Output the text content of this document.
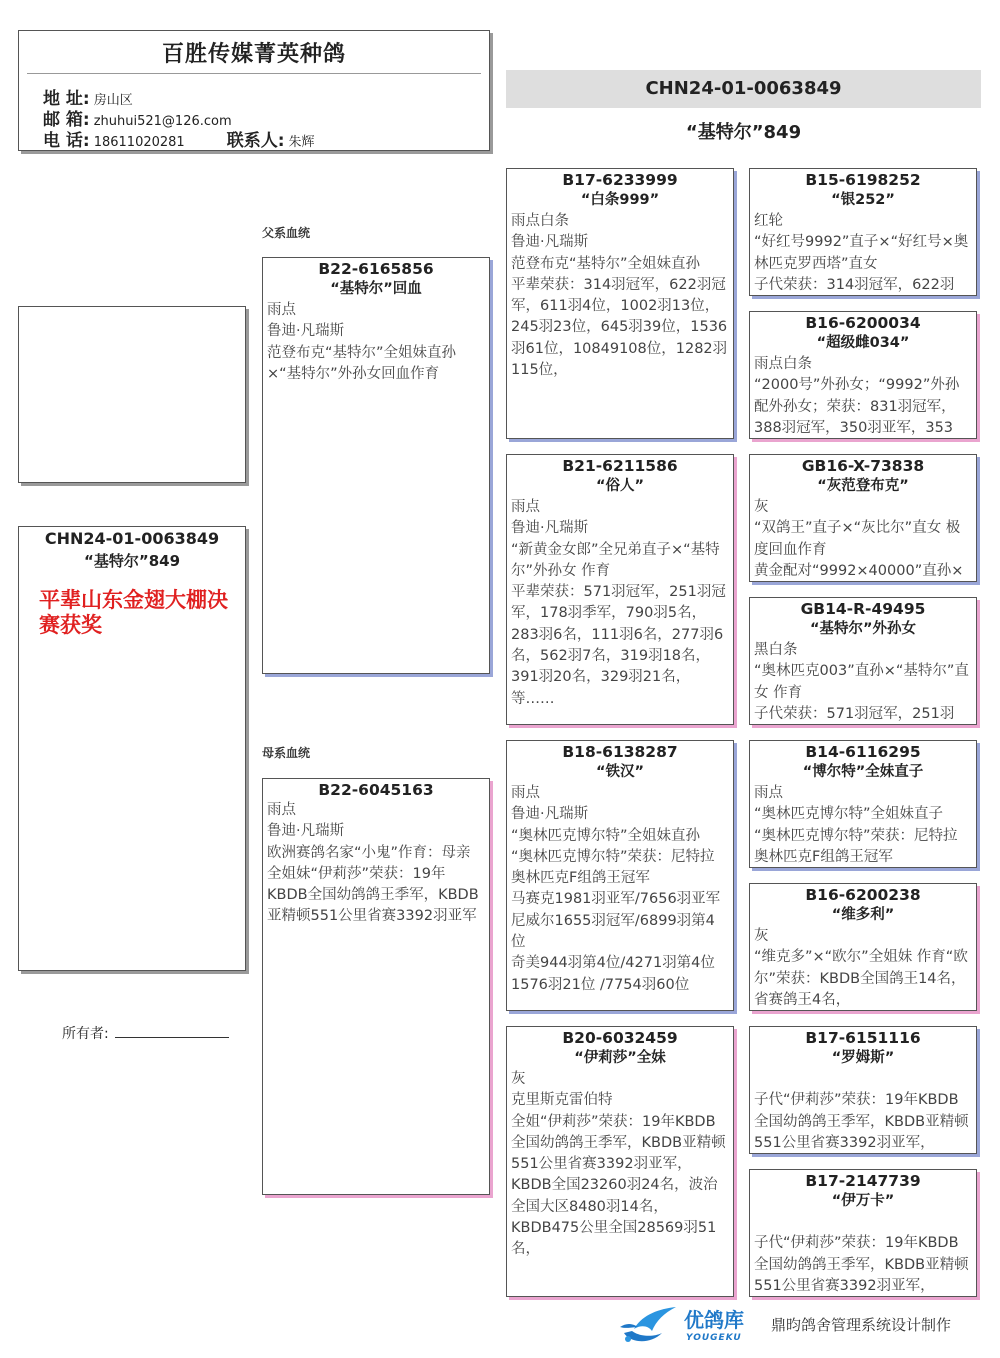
百胜传媒菁英种鸽
地 址: 房山区
邮 箱: zhuhui521@126.com
电 话: 18611020281 联系人: 朱辉
CHN24-01-0063849
“基特尔”849
CHN24-01-0063849
“基特尔”849
平辈山东金翅大棚决赛获奖
所有者:
父系血统
母系血统
B22-6165856
“基特尔”回血
雨点
鲁迪·凡瑞斯
范登布克“基特尔”全姐妹直孙×“基特尔”外孙女回血作育
B22-6045163
雨点
鲁迪·凡瑞斯
欧洲赛鸽名家“小鬼”作育：母亲全姐妹“伊莉莎”荣获：19年KBDB全国幼鸽鸽王季军，KBDB亚精顿551公里省赛3392羽亚军
B17-6233999
“白条999”
雨点白条
鲁迪·凡瑞斯
范登布克“基特尔”全姐妹直孙
平辈荣获：314羽冠军，622羽冠军，611羽4位，1002羽13位，245羽23位，645羽39位，1536羽61位，10849108位，1282羽115位，
B21-6211586
“俗人”
雨点
鲁迪·凡瑞斯
“新黄金女郎”全兄弟直子×“基特尔”外孙女 作育
平辈荣获：571羽冠军，251羽冠军，178羽季军，790羽5名，283羽6名，111羽6名，277羽6名，562羽7名，319羽18名，391羽20名，329羽21名，等……
B18-6138287
“铁汉”
雨点
鲁迪·凡瑞斯
“奥林匹克博尔特”全姐妹直孙
“奥林匹克博尔特”荣获：尼特拉奥林匹克F组鸽王冠军
马赛克1981羽亚军/7656羽亚军
尼威尔1655羽冠军/6899羽第4位
奇美944羽第4位/4271羽第4位
1576羽21位 /7754羽60位
B20-6032459
“伊莉莎”全妹
灰
克里斯克雷伯特
全姐“伊莉莎”荣获：19年KBDB全国幼鸽鸽王季军，KBDB亚精顿551公里省赛3392羽亚军，KBDB全国23260羽24名，波治全国大区8480羽14名，KBDB475公里全国28569羽51名，
B15-6198252
“银252”
红轮
“好红号9992”直子×“好红号×奥林匹克罗西塔”直女
子代荣获：314羽冠军，622羽
B16-6200034
“超级雌034”
雨点白条
“2000号”外孙女；“9992”外孙配外孙女；荣获：831羽冠军，388羽冠军，350羽亚军，353
GB16-X-73838
“灰范登布克”
灰
“双鸽王”直子×“灰比尔”直女 极度回血作育
黄金配对“9992×40000”直孙×
GB14-R-49495
“基特尔”外孙女
黑白条
“奥林匹克003”直孙×“基特尔”直女 作育
子代荣获：571羽冠军，251羽
B14-6116295
“博尔特”全妹直子
雨点
“奥林匹克博尔特”全姐妹直子
“奥林匹克博尔特”荣获：尼特拉奥林匹克F组鸽王冠军
B16-6200238
“维多利”
灰
“维克多”×“欧尔”全姐妹 作育“欧尔”荣获：KBDB全国鸽王14名，省赛鸽王4名，
B17-6151116
“罗姆斯”

子代“伊莉莎”荣获：19年KBDB全国幼鸽鸽王季军，KBDB亚精顿551公里省赛3392羽亚军，
B17-2147739
“伊万卡”

子代“伊莉莎”荣获：19年KBDB全国幼鸽鸽王季军，KBDB亚精顿551公里省赛3392羽亚军，
优鸽库
YOUGEKU
鼎昀鸽舍管理系统设计制作
